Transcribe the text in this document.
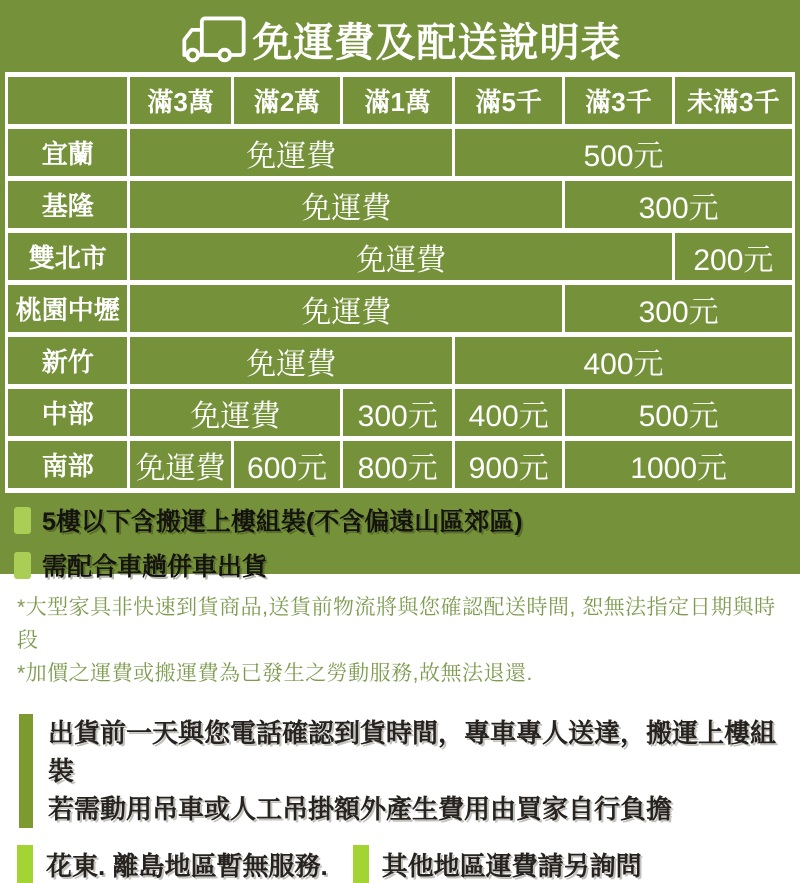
免運費及配送說明表
	滿3萬	滿2萬	滿1萬	滿5千	滿3千	未滿3千
宜蘭	免運費			500元		
基隆	免運費				300元	
雙北市	免運費					200元
桃園中壢	免運費				300元	
新竹	免運費			400元		
中部	免運費		300元	400元	500元	
南部	免運費	600元	800元	900元	1000元	
5樓以下含搬運上樓組裝(不含偏遠山區郊區)
需配合車趟併車出貨
*大型家具非快速到貨商品,送貨前物流將與您確認配送時間, 恕無法指定日期與時段
*加價之運費或搬運費為已發生之勞動服務,故無法退還.
出貨前一天與您電話確認到貨時間，專車專人送達，搬運上樓組裝
若需動用吊車或人工吊掛額外產生費用由買家自行負擔
花東. 離島地區暫無服務. 其他地區運費請另詢問
